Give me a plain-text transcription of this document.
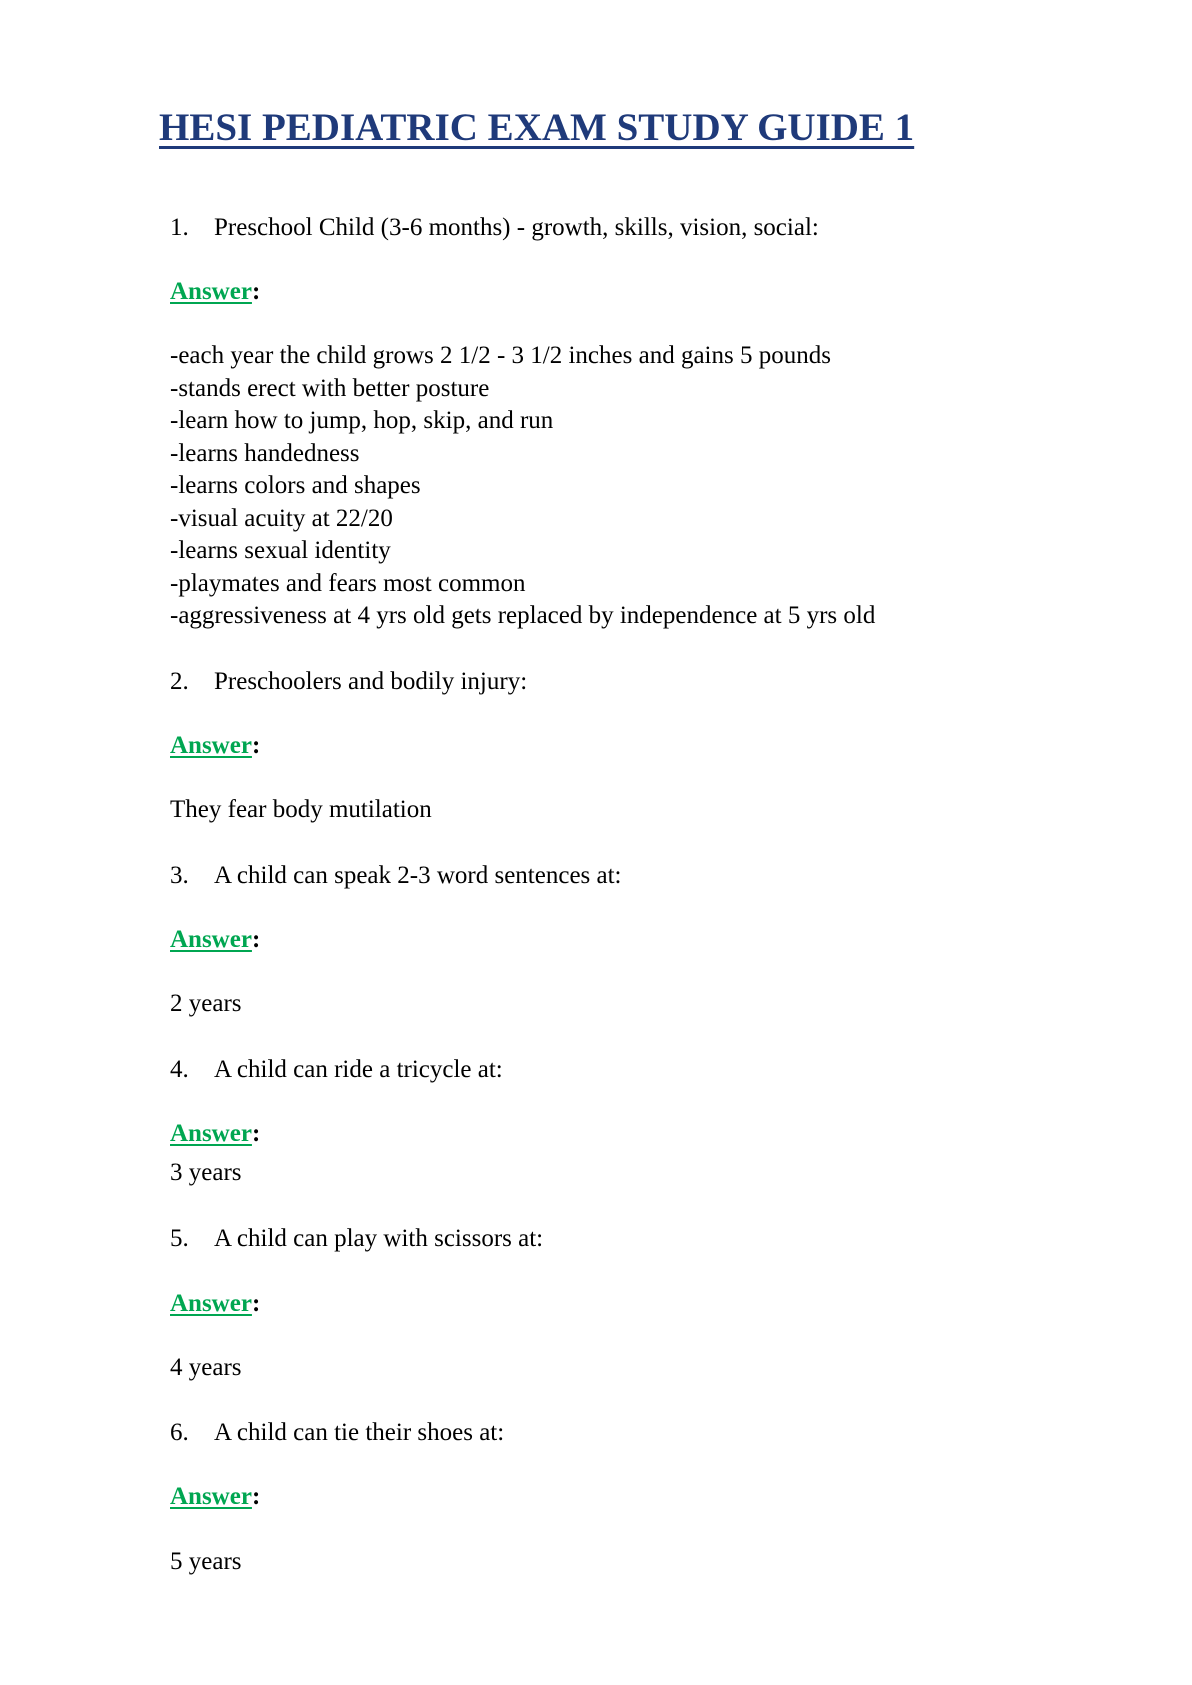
HESI PEDIATRIC EXAM STUDY GUIDE 1
1.	Preschool Child (3-6 months) - growth, skills, vision, social:
Answer:
-each year the child grows 2 1/2 - 3 1/2 inches and gains 5 pounds
-stands erect with better posture
-learn how to jump, hop, skip, and run
-learns handedness
-learns colors and shapes
-visual acuity at 22/20
-learns sexual identity
-playmates and fears most common
-aggressiveness at 4 yrs old gets replaced by independence at 5 yrs old
2.	Preschoolers and bodily injury:
Answer:
They fear body mutilation
3.	A child can speak 2-3 word sentences at:
Answer:
2 years
4.	A child can ride a tricycle at:
Answer:
3 years
5.	A child can play with scissors at:
Answer:
4 years
6.	A child can tie their shoes at:
Answer:
5 years
